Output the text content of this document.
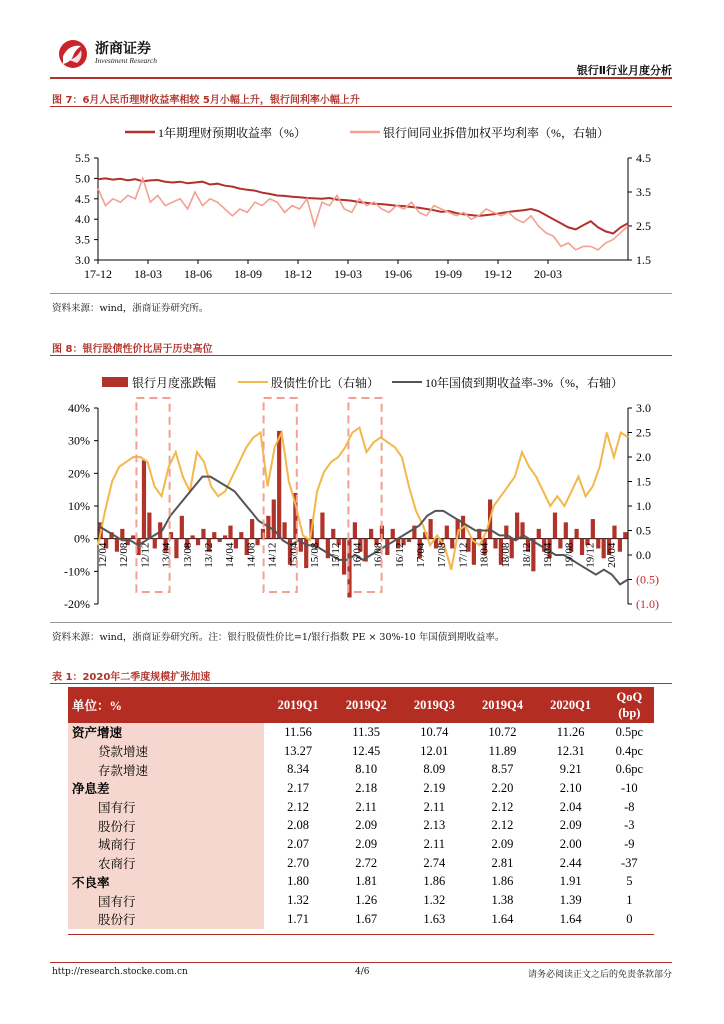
浙商证券
Investment Research
银行Ⅱ行业月度分析
图 7：6月人民币理财收益率相较 5月小幅上升，银行间利率小幅上升
1年期理财预期收益率（%）	银行间同业拆借加权平均利率（%，右轴）
5.5
5.0
4.5
4.0
3.5
3.0
4.5
3.5
2.5
1.5
17-12 18-03 18-06 18-09 18-12 19-03 19-06 19-09 19-12 20-03
资料来源：wind，浙商证券研究所。
图 8：银行股债性价比居于历史高位
银行月度涨跌幅	股债性价比（右轴）	10年国债到期收益率-3%（%，右轴）
40%
30%
20%
10%
0%
-10%
-20%
3.0
2.5
2.0
1.5
1.0
0.5
0.0
(0.5)
(1.0)
12/04 12/08 12/12 13/04 13/08 13/12 14/04 14/08 14/12 15/04 15/08 15/12 16/04 16/08 16/12 17/04 17/08 17/12 18/04 18/08 18/12 19/04 19/08 19/12 20/04
资料来源：wind，浙商证券研究所。注：银行股债性价比=1/银行指数 PE × 30%-10 年国债到期收益率。
表 1：2020年二季度规模扩张加速
单位：%	2019Q1	2019Q2	2019Q3	2019Q4	2020Q1	QoQ
(bp)
资产增速	11.56	11.35	10.74	10.72	11.26	0.5pc
贷款增速	13.27	12.45	12.01	11.89	12.31	0.4pc
存款增速	8.34	8.10	8.09	8.57	9.21	0.6pc
净息差	2.17	2.18	2.19	2.20	2.10	-10
国有行	2.12	2.11	2.11	2.12	2.04	-8
股份行	2.08	2.09	2.13	2.12	2.09	-3
城商行	2.07	2.09	2.11	2.09	2.00	-9
农商行	2.70	2.72	2.74	2.81	2.44	-37
不良率	1.80	1.81	1.86	1.86	1.91	5
国有行	1.32	1.26	1.32	1.38	1.39	1
股份行	1.71	1.67	1.63	1.64	1.64	0
http://research.stocke.com.cn	4/6	请务必阅读正文之后的免责条款部分
